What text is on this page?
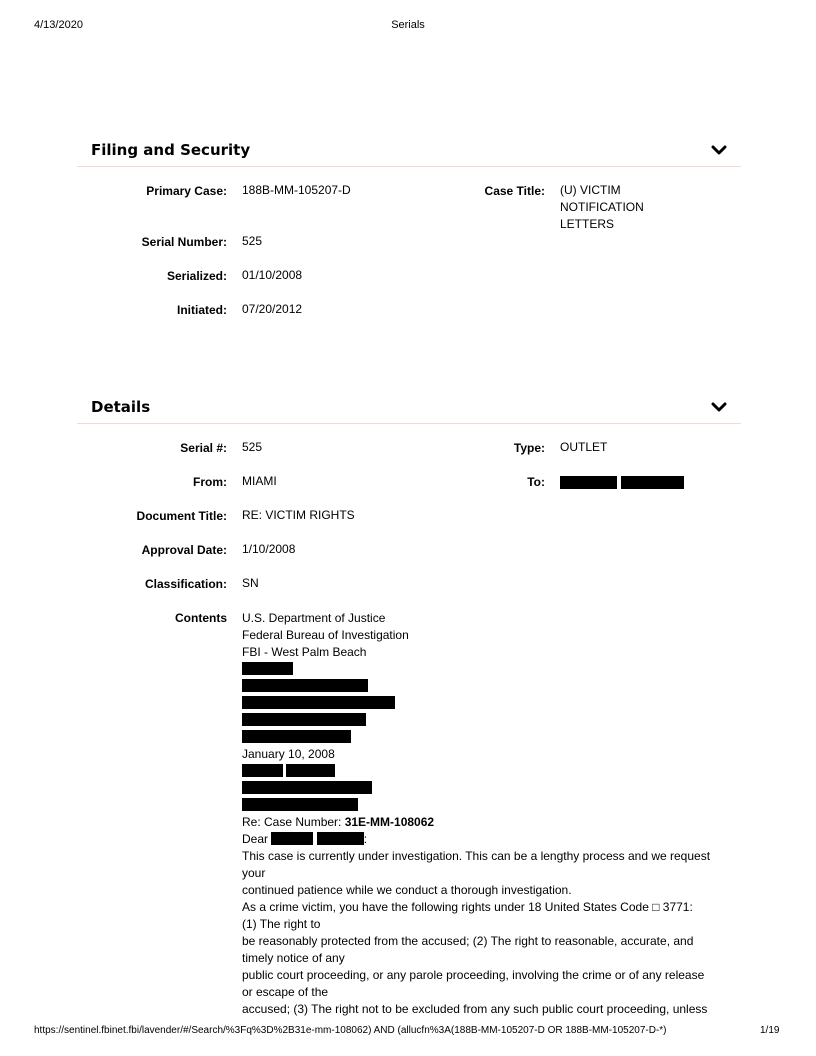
4/13/2020	Serials
Filing and Security
Primary Case: 188B-MM-105207-D	Case Title: (U) VICTIM
NOTIFICATION
LETTERS
Serial Number: 525
Serialized: 01/10/2008
Initiated: 07/20/2012
Details
Serial #: 525	Type: OUTLET
From: MIAMI	To:
Document Title: RE: VICTIM RIGHTS
Approval Date: 1/10/2008
Classification: SN
Contents U.S. Department of Justice

Federal Bureau of Investigation

FBI - West Palm Beach

January 10, 2008

Re: Case Number: 31E-MM-108062

Dear	:

This case is currently under investigation. This can be a lengthy process and we request

your

continued patience while we conduct a thorough investigation.

As a crime victim, you have the following rights under 18 United States Code □ 3771:

(1) The right to

be reasonably protected from the accused; (2) The right to reasonable, accurate, and

timely notice of any

public court proceeding, or any parole proceeding, involving the crime or of any release

or escape of the

accused; (3) The right not to be excluded from any such public court proceeding, unless

https://sentinel.fbinet.fbi/lavender/#/Search/%3Fq%3D%2B31e-mm-108062) AND (allucfn%3A(188B-MM-105207-D OR 188B-MM-105207-D-*)	1/19
